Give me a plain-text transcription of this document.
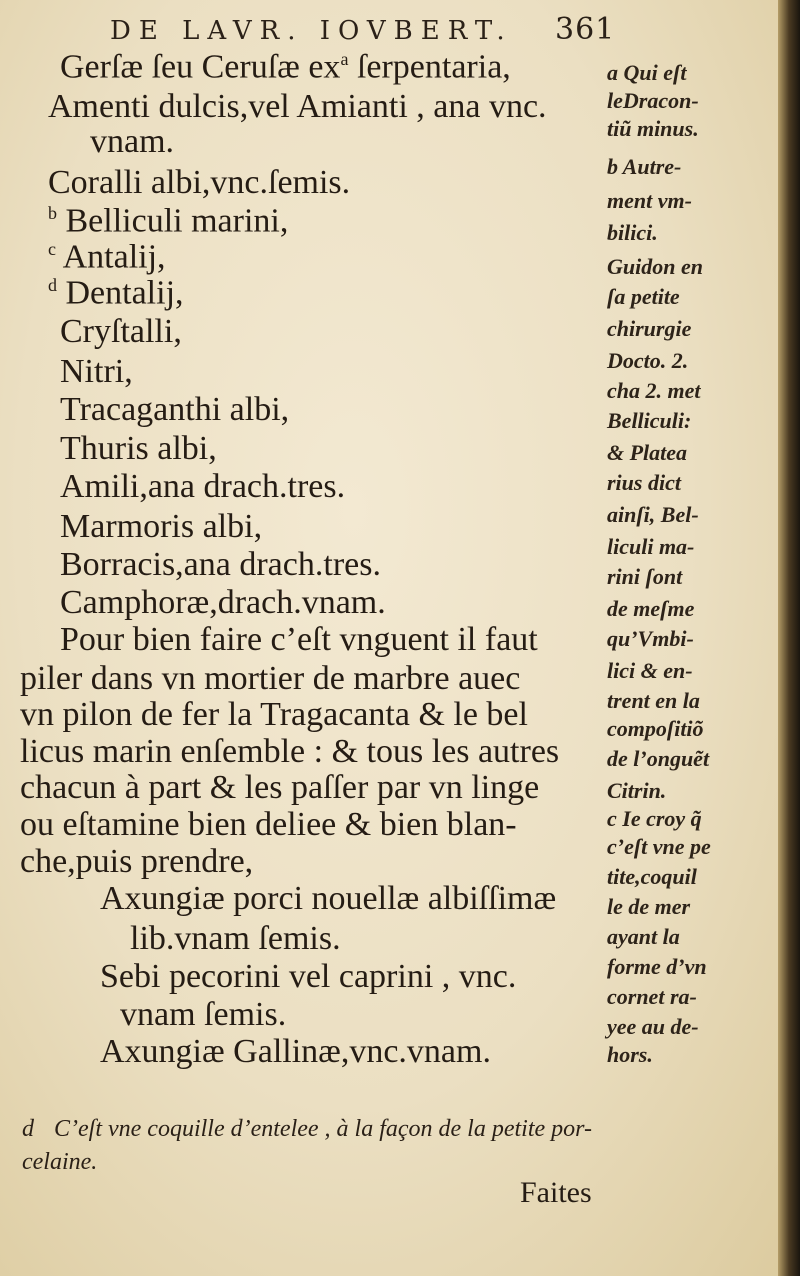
DE LAVR. IOVBERT. 361
Gerſæ ſeu Ceruſæ $ex^a$ ſerpentaria,
Amenti dulcis,vel Amianti , ana vnc.
vnam.
Coralli albi,vnc.ſemis.
$^b$ Belliculi marini,
$^c$ Antalij,
$^d$ Dentalij,
Cryſtalli,
Nitri,
Tracaganthi albi,
Thuris albi,
Amili,ana drach.tres.
Marmoris albi,
Borracis,ana drach.tres.
Camphoræ,drach.vnam.
Pour bien faire c’eſt vnguent il faut
piler dans vn mortier de marbre auec
vn pilon de fer la Tragacanta & le bel
licus marin enſemble : & tous les autres
chacun à part & les paſſer par vn linge
ou eſtamine bien deliee & bien blan-
che,puis prendre,
Axungiæ porci nouellæ albiſſimæ
lib.vnam ſemis.
Sebi pecorini vel caprini , vnc.
vnam ſemis.
Axungiæ Gallinæ,vnc.vnam.
a Qui eſt
leDracon-
tiũ minus.
b Autre-
ment vm-
bilici.
Guidon en
ſa petite
chirurgie
Docto. 2.
cha 2. met
Belliculi:
& Platea
rius dict
ainſi, Bel-
liculi ma-
rini ſont
de meſme
qu’Vmbi-
lici & en-
trent en la
compoſitiõ
de l’onguẽt
Citrin.
c Ie croy q̃
c’eſt vne pe
tite,coquil
le de mer
ayant la
forme d’vn
cornet ra-
yee au de-
hors.
d C’eſt vne coquille d’entelee , à la façon de la petite por-
celaine.
Faites
